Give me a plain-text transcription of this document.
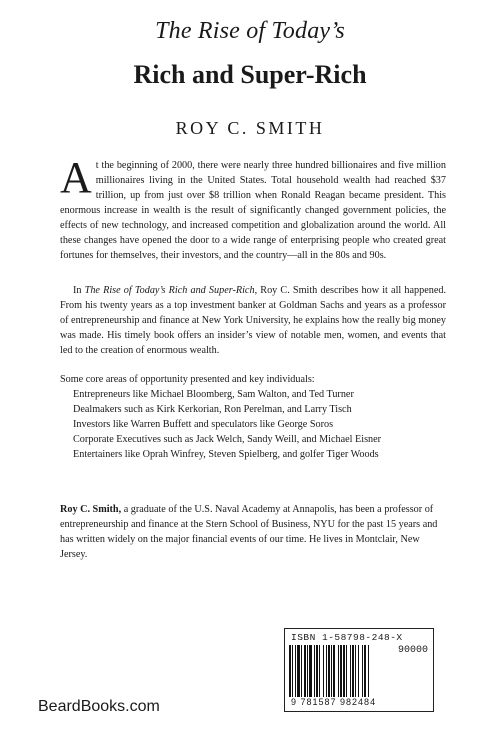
The Rise of Today’s
Rich and Super-Rich
ROY C. SMITH
At the beginning of 2000, there were nearly three hundred billionaires and five million millionaires living in the United States. Total household wealth had reached $37 trillion, up from just over $8 trillion when Ronald Reagan became president. This enormous increase in wealth is the result of significantly changed government policies, the effects of new technology, and increased competition and globalization around the world. All these changes have opened the door to a wide range of enterprising people who created great fortunes for themselves, their investors, and the country—all in the 80s and 90s.
In The Rise of Today’s Rich and Super-Rich, Roy C. Smith describes how it all happened. From his twenty years as a top investment banker at Goldman Sachs and years as a professor of entrepreneurship and finance at New York University, he explains how the really big money was made. His timely book offers an insider’s view of notable men, women, and events that led to the creation of enormous wealth.
Some core areas of opportunity presented and key individuals:
Entrepreneurs like Michael Bloomberg, Sam Walton, and Ted Turner
Dealmakers such as Kirk Kerkorian, Ron Perelman, and Larry Tisch
Investors like Warren Buffett and speculators like George Soros
Corporate Executives such as Jack Welch, Sandy Weill, and Michael Eisner
Entertainers like Oprah Winfrey, Steven Spielberg, and golfer Tiger Woods
Roy C. Smith, a graduate of the U.S. Naval Academy at Annapolis, has been a professor of entrepreneurship and finance at the Stern School of Business, NYU for the past 15 years and has written widely on the major financial events of our time. He lives in Montclair, New Jersey.
ISBN 1-58798-248-X
90000
9 781587 982484
BeardBooks.com
